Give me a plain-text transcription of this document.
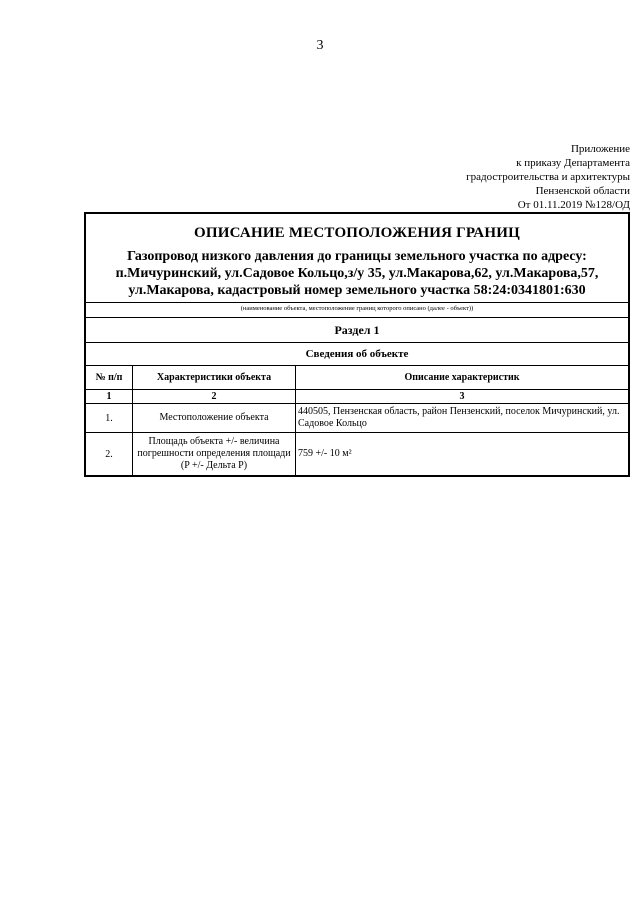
3
Приложение
к приказу Департамента
градостроительства и архитектуры
Пензенской области
От 01.11.2019 №128/ОД
ОПИСАНИЕ МЕСТОПОЛОЖЕНИЯ ГРАНИЦ
Газопровод низкого давления до границы земельного участка по адресу:
п.Мичуринский, ул.Садовое Кольцо,з/у 35, ул.Макарова,62, ул.Макарова,57,
ул.Макарова, кадастровый номер земельного участка 58:24:0341801:630
(наименование объекта, местоположение границ которого описано (далее - объект))
Раздел 1
Сведения об объекте
№ п/п	Характеристики объекта	Описание характеристик
1	2	3
1.	Местоположение объекта	440505, Пензенская область, район Пензенский, поселок Мичуринский, ул. Садовое Кольцо
2.	Площадь объекта +/- величина погрешности определения площади (P +/- Дельта P)	759 +/- 10 м²
